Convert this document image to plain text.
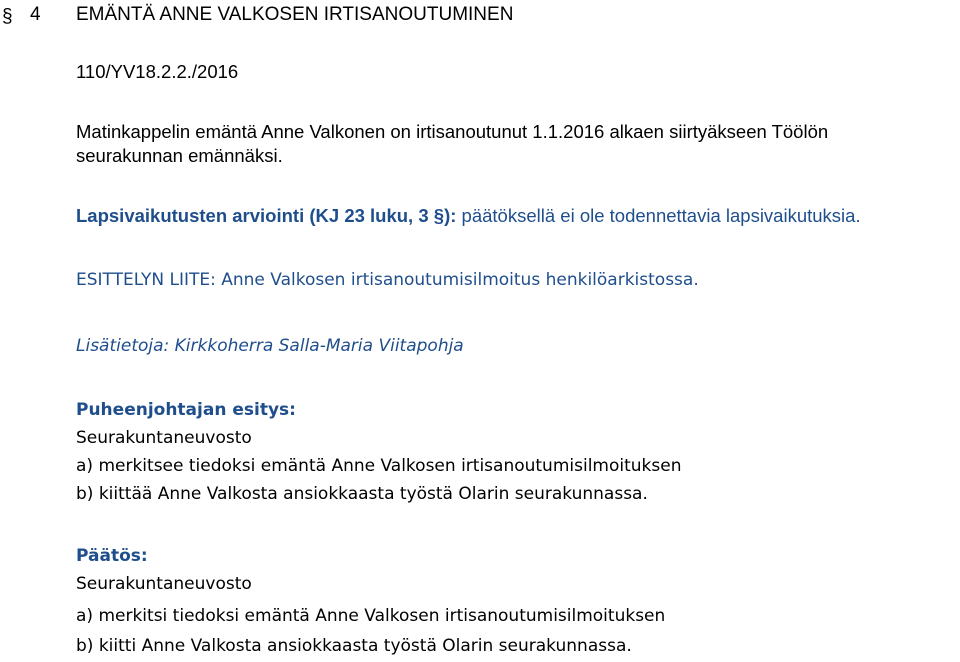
§ 4 EMÄNTÄ ANNE VALKOSEN IRTISANOUTUMINEN
110/YV18.2.2./2016
Matinkappelin emäntä Anne Valkonen on irtisanoutunut 1.1.2016 alkaen siirtyäkseen Töölön
seurakunnan emännäksi.
Lapsivaikutusten arviointi (KJ 23 luku, 3 §): päätöksellä ei ole todennettavia lapsivaikutuksia.
ESITTELYN LIITE: Anne Valkosen irtisanoutumisilmoitus henkilöarkistossa.
Lisätietoja: Kirkkoherra Salla-Maria Viitapohja
Puheenjohtajan esitys:
Seurakuntaneuvosto
a) merkitsee tiedoksi emäntä Anne Valkosen irtisanoutumisilmoituksen
b) kiittää Anne Valkosta ansiokkaasta työstä Olarin seurakunnassa.
Päätös:
Seurakuntaneuvosto
a) merkitsi tiedoksi emäntä Anne Valkosen irtisanoutumisilmoituksen
b) kiitti Anne Valkosta ansiokkaasta työstä Olarin seurakunnassa.
